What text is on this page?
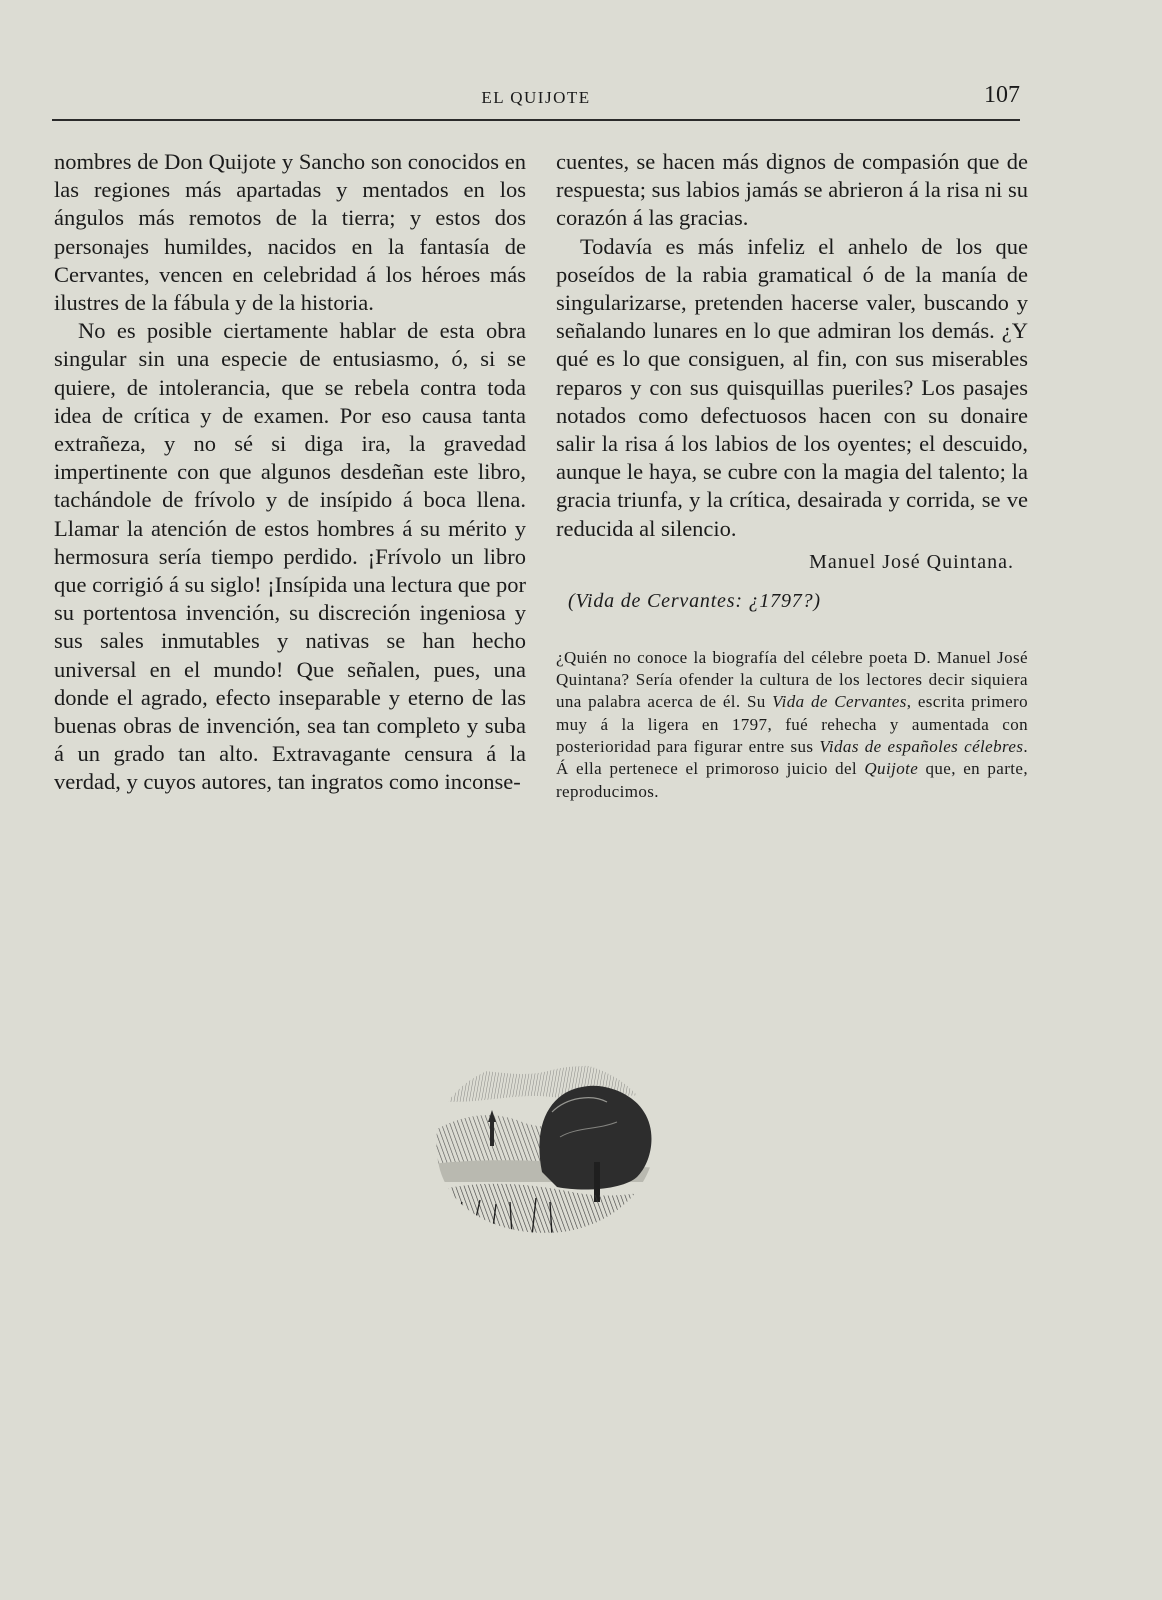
EL QUIJOTE	107

nombres de Don Quijote y Sancho son conocidos en las regiones más apartadas y mentados en los ángulos más remotos de la tierra; y estos dos personajes humildes, nacidos en la fantasía de Cervantes, vencen en celebridad á los héroes más ilustres de la fábula y de la historia.

No es posible ciertamente hablar de esta obra singular sin una especie de entusiasmo, ó, si se quiere, de intolerancia, que se rebela contra toda idea de crítica y de examen. Por eso causa tanta extrañeza, y no sé si diga ira, la gravedad impertinente con que algunos desdeñan este libro, tachándole de frívolo y de insípido á boca llena. Llamar la atención de estos hombres á su mérito y hermosura sería tiempo perdido. ¡Frívolo un libro que corrigió á su siglo! ¡Insípida una lectura que por su portentosa invención, su discreción ingeniosa y sus sales inmutables y nativas se han hecho universal en el mundo! Que señalen, pues, una donde el agrado, efecto inseparable y eterno de las buenas obras de invención, sea tan completo y suba á un grado tan alto. Extravagante censura á la verdad, y cuyos autores, tan ingratos como inconse-

cuentes, se hacen más dignos de compasión que de respuesta; sus labios jamás se abrieron á la risa ni su corazón á las gracias.

Todavía es más infeliz el anhelo de los que poseídos de la rabia gramatical ó de la manía de singularizarse, pretenden hacerse valer, buscando y señalando lunares en lo que admiran los demás. ¿Y qué es lo que consiguen, al fin, con sus miserables reparos y con sus quisquillas pueriles? Los pasajes notados como defectuosos hacen con su donaire salir la risa á los labios de los oyentes; el descuido, aunque le haya, se cubre con la magia del talento; la gracia triunfa, y la crítica, desairada y corrida, se ve reducida al silencio.

Manuel José Quintana.
(Vida de Cervantes: ¿1797?)
¿Quién no conoce la biografía del célebre poeta D. Manuel José Quintana? Sería ofender la cultura de los lectores decir siquiera una palabra acerca de él. Su Vida de Cervantes, escrita primero muy á la ligera en 1797, fué rehecha y aumentada con posterioridad para figurar entre sus Vidas de españoles célebres. Á ella pertenece el primoroso juicio del Quijote que, en parte, reproducimos.
